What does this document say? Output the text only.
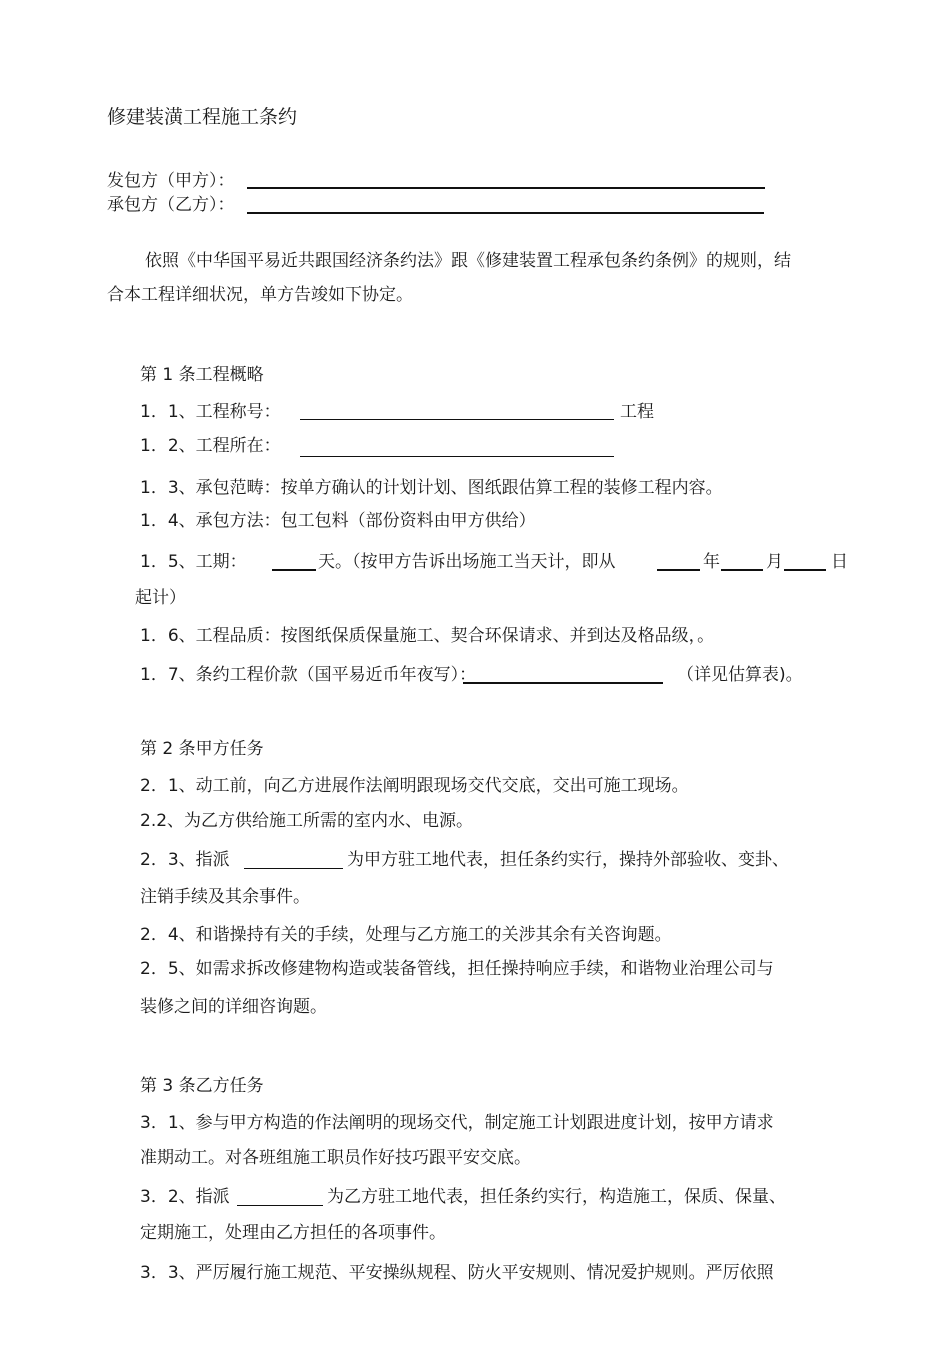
修建装潢工程施工条约
发包方（甲方）：
承包方（乙方）：
依照《中华国平易近共跟国经济条约法》跟《修建装置工程承包条约条例》的规则，结
合本工程详细状况，单方告竣如下协定。
第 1 条工程概略
1．1、工程称号：	工程
1．2、工程所在：
1．3、承包范畴：按单方确认的计划计划、图纸跟估算工程的装修工程内容。
1．4、承包方法：包工包料（部份资料由甲方供给）
1．5、工期：	天。（按甲方告诉出场施工当天计，即从	年	月	日
起计）
1．6、工程品质：按图纸保质保量施工、契合环保请求、并到达及格品级，。
1．7、条约工程价款（国平易近币年夜写）：	（详见估算表)。
第 2 条甲方任务
2．1、动工前，向乙方进展作法阐明跟现场交代交底，交出可施工现场。
2.2、为乙方供给施工所需的室内水、电源。
2．3、指派	为甲方驻工地代表，担任条约实行，操持外部验收、变卦、
注销手续及其余事件。
2．4、和谐操持有关的手续，处理与乙方施工的关涉其余有关咨询题。
2．5、如需求拆改修建物构造或装备管线，担任操持响应手续，和谐物业治理公司与
装修之间的详细咨询题。
第 3 条乙方任务
3．1、参与甲方构造的作法阐明的现场交代，制定施工计划跟进度计划，按甲方请求
准期动工。对各班组施工职员作好技巧跟平安交底。
3．2、指派	为乙方驻工地代表，担任条约实行，构造施工，保质、保量、
定期施工，处理由乙方担任的各项事件。
3．3、严厉履行施工规范、平安操纵规程、防火平安规则、情况爱护规则。严厉依照
